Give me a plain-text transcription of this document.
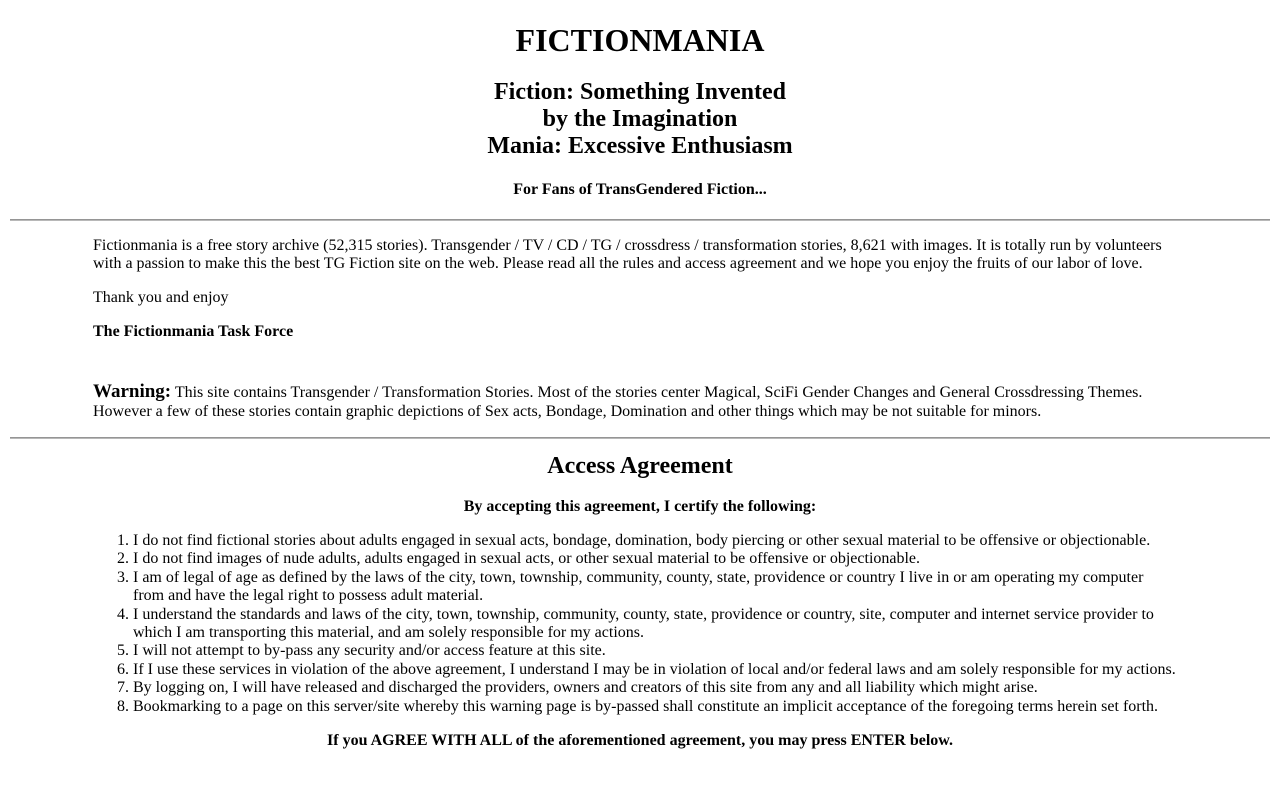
FICTIONMANIA
Fiction: Something Invented
by the Imagination
Mania: Excessive Enthusiasm
For Fans of TransGendered Fiction...

Fictionmania is a free story archive (52,315 stories). Transgender / TV / CD / TG / crossdress / transformation stories, 8,621 with images. It is totally run by volunteers with a passion to make this the best TG Fiction site on the web. Please read all the rules and access agreement and we hope you enjoy the fruits of our labor of love.

Thank you and enjoy

The Fictionmania Task Force

Warning: This site contains Transgender / Transformation Stories. Most of the stories center Magical, SciFi Gender Changes and General Crossdressing Themes. However a few of these stories contain graphic depictions of Sex acts, Bondage, Domination and other things which may be not suitable for minors.

Access Agreement

By accepting this agreement, I certify the following:

1. I do not find fictional stories about adults engaged in sexual acts, bondage, domination, body piercing or other sexual material to be offensive or objectionable.
2. I do not find images of nude adults, adults engaged in sexual acts, or other sexual material to be offensive or objectionable.
3. I am of legal of age as defined by the laws of the city, town, township, community, county, state, providence or country I live in or am operating my computer from and have the legal right to possess adult material.
4. I understand the standards and laws of the city, town, township, community, county, state, providence or country, site, computer and internet service provider to which I am transporting this material, and am solely responsible for my actions.
5. I will not attempt to by-pass any security and/or access feature at this site.
6. If I use these services in violation of the above agreement, I understand I may be in violation of local and/or federal laws and am solely responsible for my actions.
7. By logging on, I will have released and discharged the providers, owners and creators of this site from any and all liability which might arise.
8. Bookmarking to a page on this server/site whereby this warning page is by-passed shall constitute an implicit acceptance of the foregoing terms herein set forth.

If you AGREE WITH ALL of the aforementioned agreement, you may press ENTER below.
